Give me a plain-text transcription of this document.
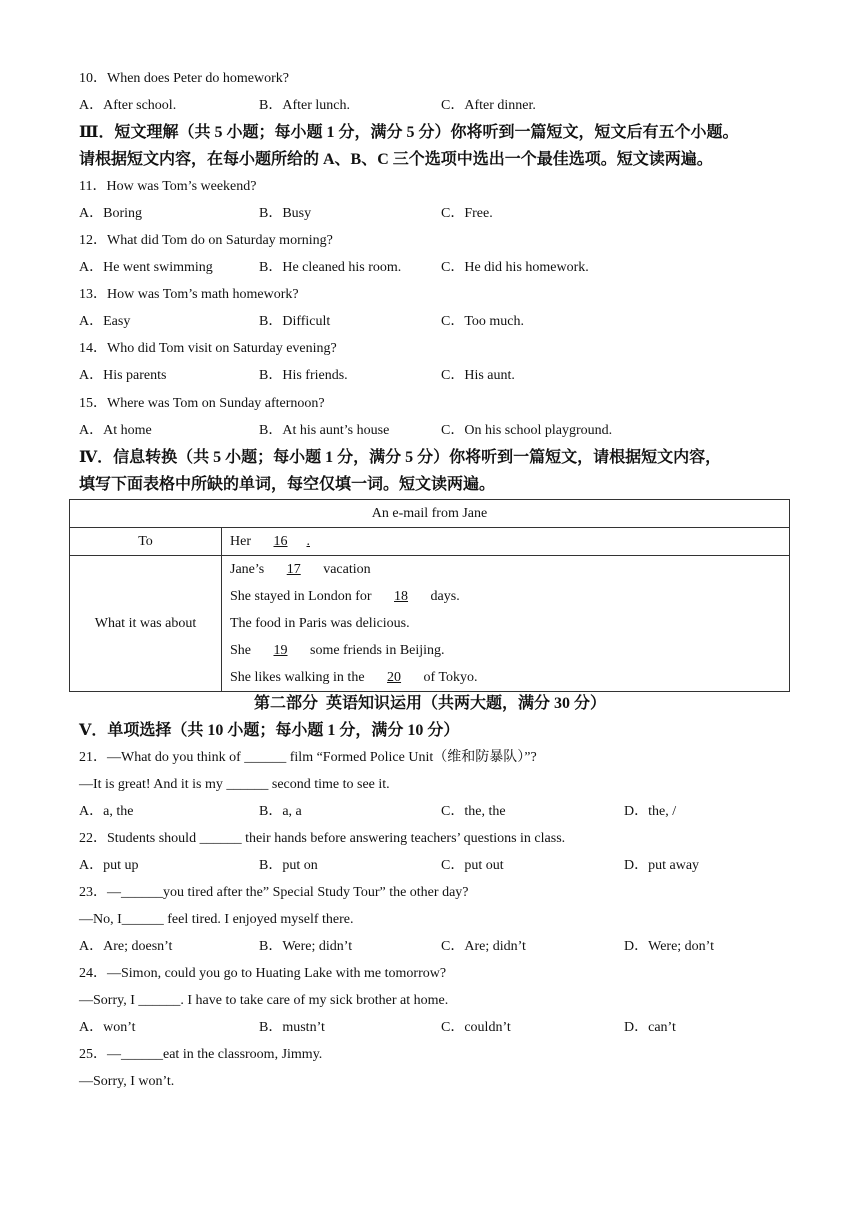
10．When does Peter do homework?
A．After school.	B．After lunch.	C．After dinner.
Ⅲ．短文理解（共 5 小题；每小题 1 分，满分 5 分）你将听到一篇短文，短文后有五个小题。
请根据短文内容，在每小题所给的 A、B、C 三个选项中选出一个最佳选项。短文读两遍。
11．How was Tom’s weekend?
A．Boring	B．Busy	C．Free.
12．What did Tom do on Saturday morning?
A．He went swimming	B．He cleaned his room.	C．He did his homework.
13．How was Tom’s math homework?
A．Easy	B．Difficult	C．Too much.
14．Who did Tom visit on Saturday evening?
A．His parents	B．His friends.	C．His aunt.
15．Where was Tom on Sunday afternoon?
A．At home	B．At his aunt’s house	C．On his school playground.
Ⅳ．信息转换（共 5 小题；每小题 1 分，满分 5 分）你将听到一篇短文，请根据短文内容，
填写下面表格中所缺的单词，每空仅填一词。短文读两遍。
An e-mail from Jane	
To	Her 16 .
What it was about	Jane’s 17 vacation
She stayed in London for 18 days.
The food in Paris was delicious.
She 19 some friends in Beijing.
She likes walking in the 20 of Tokyo.
第二部分  英语知识运用（共两大题，满分 30 分）
Ⅴ．单项选择（共 10 小题；每小题 1 分，满分 10 分）
21．—What do you think of ______ film “Formed Police Unit（维和防暴队）”?
—It is great! And it is my ______ second time to see it.
A．a, the	B．a, a	C．the, the	D．the, /
22．Students should ______ their hands before answering teachers’ questions in class.
A．put up	B．put on	C．put out	D．put away
23．—______you tired after the” Special Study Tour” the other day?
—No, I______ feel tired. I enjoyed myself there.
A．Are; doesn’t	B．Were; didn’t	C．Are; didn’t	D．Were; don’t
24．—Simon, could you go to Huating Lake with me tomorrow?
—Sorry, I ______. I have to take care of my sick brother at home.
A．won’t	B．mustn’t	C．couldn’t	D．can’t
25．—______eat in the classroom, Jimmy.
—Sorry, I won’t.
